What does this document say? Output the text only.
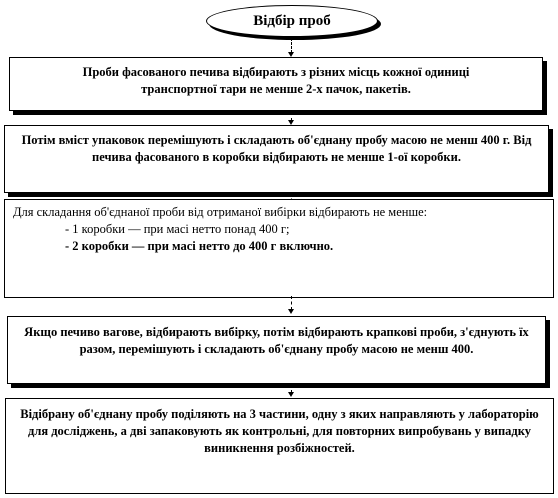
Відбір проб
Проби фасованого печива відбирають з різних місць кожної одиниці транспортної тари не менше 2-х пачок, пакетів.
Потім вміст упаковок перемішують і складають об'єднану пробу масою не менш 400 г. Від печива фасованого в коробки відбирають не менше 1-ої коробки.
Для складання об'єднаної проби від отриманої вибірки відбирають не менше:
- 1 коробки — при масі нетто понад 400 г;
- 2 коробки — при масі нетто до 400 г включно.
Якщо печиво вагове, відбирають вибірку, потім відбирають крапкові проби, з'єднують їх разом, перемішують і складають об'єднану пробу масою не менш 400.
Відібрану об'єднану пробу поділяють на 3 частини, одну з яких направляють у лабораторію для досліджень, а дві запаковують як контрольні, для повторних випробувань у випадку виникнення розбіжностей.
